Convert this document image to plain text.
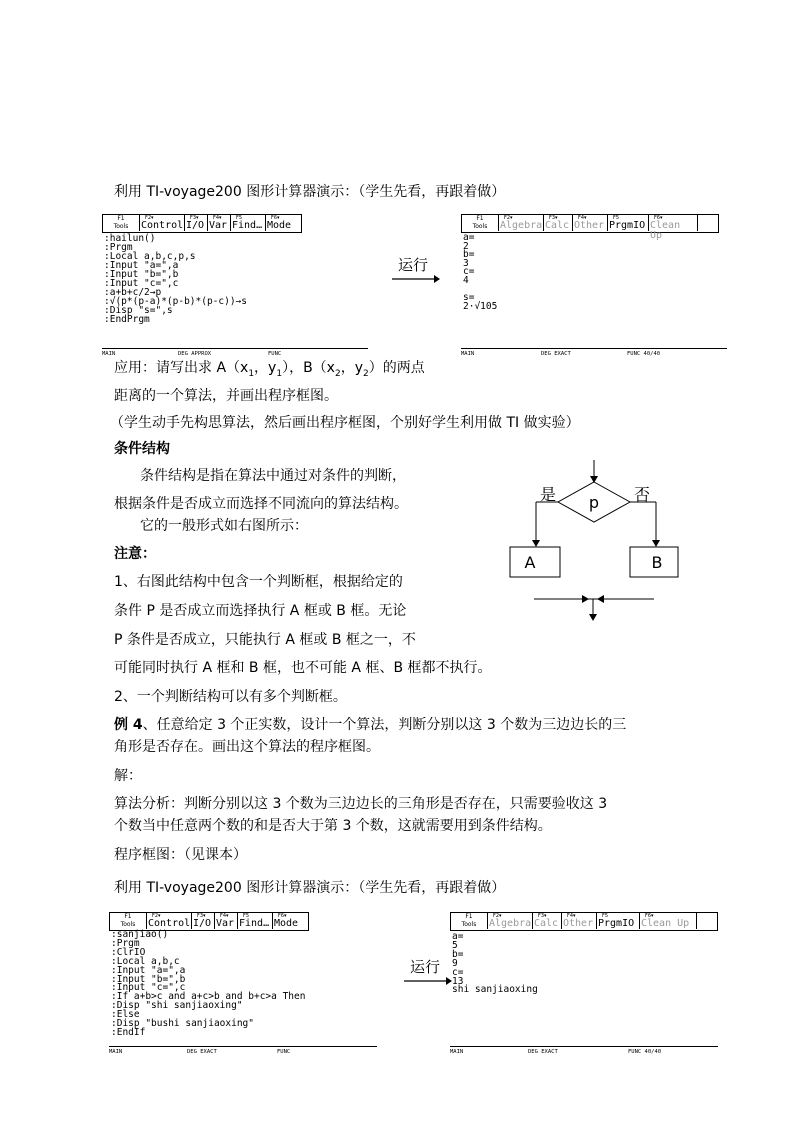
利用 TI-voyage200 图形计算器演示：（学生先看，再跟着做）
F1
Tools
F2▾
Control
F3▾
I/O
F4▾
Var
F5
Find…
F6▾
Mode
:hailun()
:Prgm
:Local a,b,c,p,s
:Input "a=",a
:Input "b=",b
:Input "c=",c
:a+b+c/2→p
:√(p*(p-a)*(p-b)*(p-c))→s
:Disp "s=",s
:EndPrgm
MAIN	DEG APPROX	FUNC
运行
F1
Tools
F2▾
Algebra
F3▾
Calc
F4▾
Other
F5
PrgmIO
F6▾
Clean Up
a=
2
b=
3
c=
4

s=
2·√105
MAIN	DEG EXACT	FUNC 40/40
应用：请写出求 $A(x_1$，$y_1$），$B(x_2$，$y_2$）的两点
距离的一个算法，并画出程序框图。
（学生动手先构思算法，然后画出程序框图，个别好学生利用做 TI 做实验）
条件结构
条件结构是指在算法中通过对条件的判断，
根据条件是否成立而选择不同流向的算法结构。
它的一般形式如右图所示：
注意：
1、右图此结构中包含一个判断框，根据给定的
条件 P 是否成立而选择执行 A 框或 B 框。无论
P 条件是否成立，只能执行 A 框或 B 框之一，不
可能同时执行 A 框和 B 框，也不可能 A 框、B 框都不执行。
2、一个判断结构可以有多个判断框。
p
是	否
A	B
例 4、任意给定 3 个正实数，设计一个算法，判断分别以这 3 个数为三边边长的三
角形是否存在。画出这个算法的程序框图。
解：
算法分析：判断分别以这 3 个数为三边边长的三角形是否存在，只需要验收这 3
个数当中任意两个数的和是否大于第 3 个数，这就需要用到条件结构。
程序框图：（见课本）
利用 TI-voyage200 图形计算器演示：（学生先看，再跟着做）
F1
Tools
F2▾
Control
F3▾
I/O
F4▾
Var
F5
Find…
F6▾
Mode
:sanjiao()
:Prgm
:ClrIO
:Local a,b,c
:Input "a=",a
:Input "b=",b
:Input "c=",c
:If a+b>c and a+c>b and b+c>a Then
:Disp "shi sanjiaoxing"
:Else
:Disp "bushi sanjiaoxing"
:EndIf
MAIN	DEG EXACT	FUNC
运行
F1
Tools
F2▾
Algebra
F3▾
Calc
F4▾
Other
F5
PrgmIO
F6▾
Clean Up
a=
5
b=
9
c=
13
shi sanjiaoxing
MAIN	DEG EXACT	FUNC 40/40
